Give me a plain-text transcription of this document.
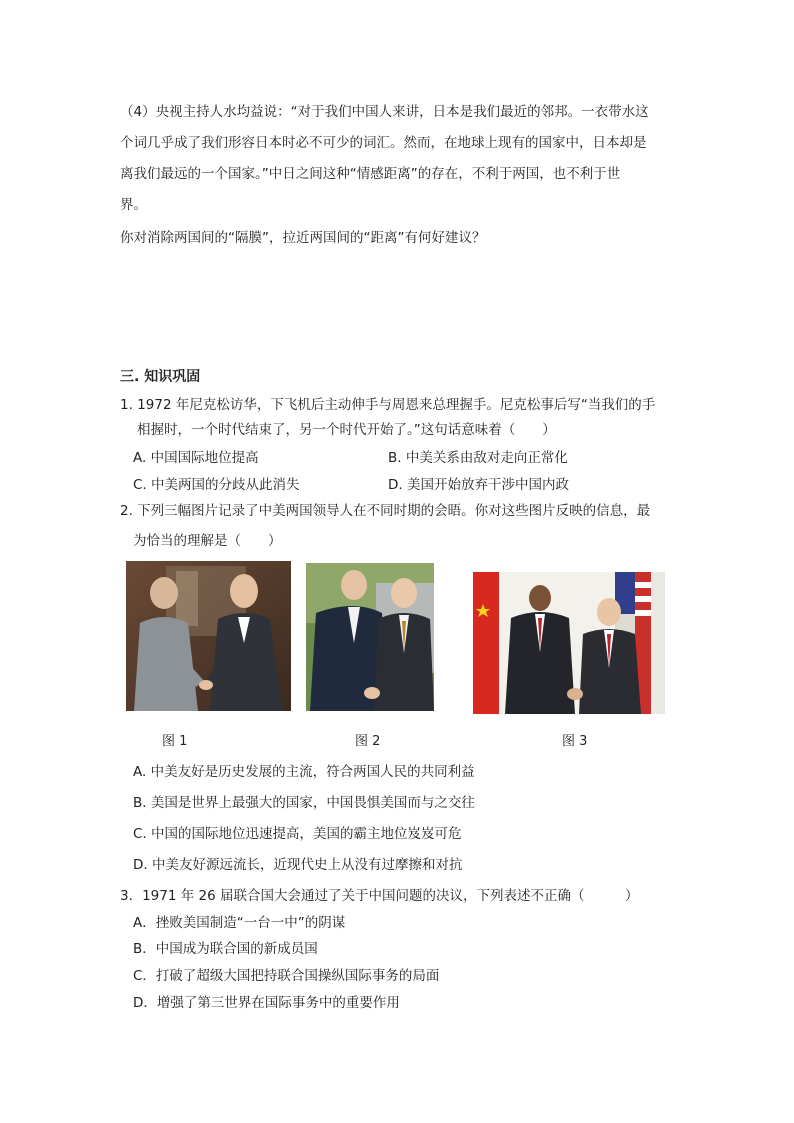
（4）央视主持人水均益说：“对于我们中国人来讲，日本是我们最近的邻邦。一衣带水这
个词几乎成了我们形容日本时必不可少的词汇。然而，在地球上现有的国家中，日本却是
离我们最远的一个国家。”中日之间这种“情感距离”的存在，不利于两国，也不利于世
界。
你对消除两国间的“隔膜”，拉近两国间的“距离”有何好建议？
三. 知识巩固
1. 1972 年尼克松访华，下飞机后主动伸手与周恩来总理握手。尼克松事后写“当我们的手
相握时，一个时代结束了，另一个时代开始了。”这句话意味着（　　）
A. 中国国际地位提高	B. 中美关系由敌对走向正常化
C. 中美两国的分歧从此消失	D. 美国开始放弃干涉中国内政
2. 下列三幅图片记录了中美两国领导人在不同时期的会晤。你对这些图片反映的信息，最
为恰当的理解是（　　）
图 1	图 2	图 3
A. 中美友好是历史发展的主流，符合两国人民的共同利益
B. 美国是世界上最强大的国家，中国畏惧美国而与之交往
C. 中国的国际地位迅速提高，美国的霸主地位岌岌可危
D. 中美友好源远流长，近现代史上从没有过摩擦和对抗
3．1971 年 26 届联合国大会通过了关于中国问题的决议，下列表述不正确（　　　）
A．挫败美国制造“一台一中”的阴谋
B．中国成为联合国的新成员国
C．打破了超级大国把持联合国操纵国际事务的局面
D．增强了第三世界在国际事务中的重要作用
